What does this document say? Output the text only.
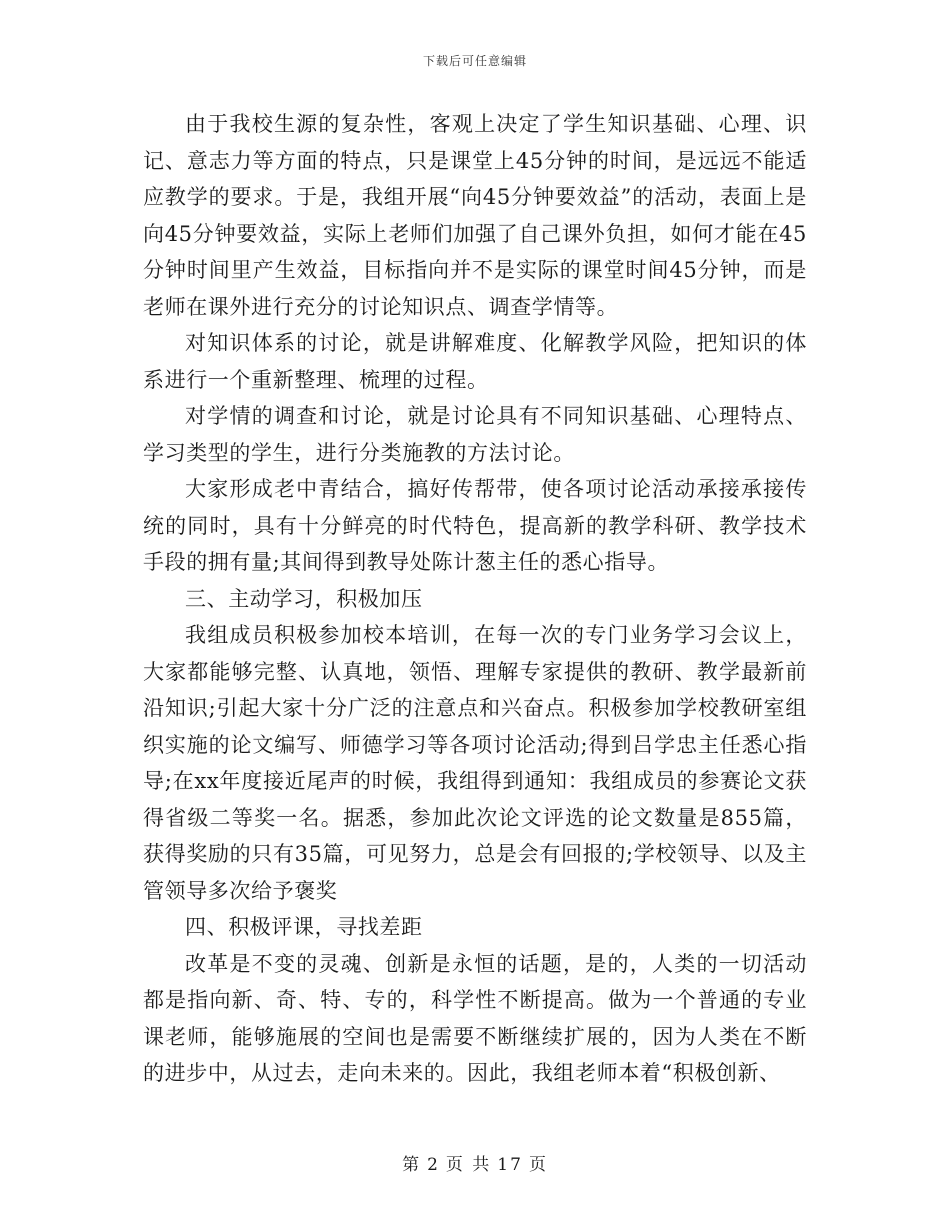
下载后可任意编辑

由于我校生源的复杂性，客观上决定了学生知识基础、心理、识记、意志力等方面的特点，只是课堂上45分钟的时间，是远远不能适应教学的要求。于是，我组开展“向45分钟要效益”的活动，表面上是向45分钟要效益，实际上老师们加强了自己课外负担，如何才能在45分钟时间里产生效益，目标指向并不是实际的课堂时间45分钟，而是老师在课外进行充分的讨论知识点、调查学情等。

对知识体系的讨论，就是讲解难度、化解教学风险，把知识的体系进行一个重新整理、梳理的过程。

对学情的调查和讨论，就是讨论具有不同知识基础、心理特点、学习类型的学生，进行分类施教的方法讨论。

大家形成老中青结合，搞好传帮带，使各项讨论活动承接承接传统的同时，具有十分鲜亮的时代特色，提高新的教学科研、教学技术手段的拥有量;其间得到教导处陈计葱主任的悉心指导。

三、主动学习，积极加压

我组成员积极参加校本培训，在每一次的专门业务学习会议上，大家都能够完整、认真地，领悟、理解专家提供的教研、教学最新前沿知识;引起大家十分广泛的注意点和兴奋点。积极参加学校教研室组织实施的论文编写、师德学习等各项讨论活动;得到吕学忠主任悉心指导;在xx年度接近尾声的时候，我组得到通知：我组成员的参赛论文获得省级二等奖一名。据悉，参加此次论文评选的论文数量是855篇，获得奖励的只有35篇，可见努力，总是会有回报的;学校领导、以及主管领导多次给予褒奖

四、积极评课，寻找差距

改革是不变的灵魂、创新是永恒的话题，是的，人类的一切活动都是指向新、奇、特、专的，科学性不断提高。做为一个普通的专业课老师，能够施展的空间也是需要不断继续扩展的，因为人类在不断的进步中，从过去，走向未来的。因此，我组老师本着“积极创新、

第 2 页 共 17 页
